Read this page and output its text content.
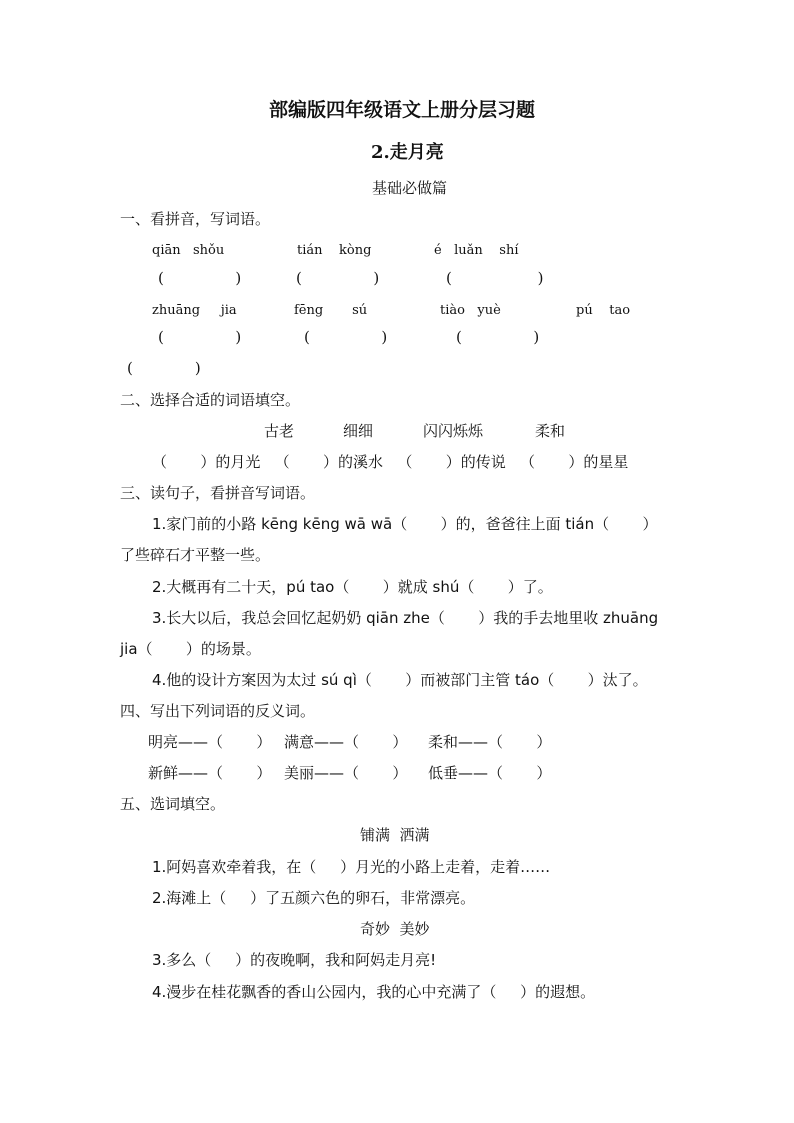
部编版四年级语文上册分层习题
2.走月亮
基础必做篇
一、看拼音，写词语。
qiān   shǒu	tián    kòng	é   luǎn    shí
(               )	(               )	(                  )
zhuāng     jia	fēng       sú	tiào   yuè	pú    tao
(               )	(               )	(               )
(             )
二、选择合适的词语填空。
古老	细细	闪闪烁烁	柔和
（       ）的月光   （       ）的溪水   （       ）的传说   （       ）的星星
三、读句子，看拼音写词语。
1.家门前的小路 kēng kēng wā wā（       ）的，爸爸往上面 tián（       ）
了些碎石才平整一些。
2.大概再有二十天，pú tao（       ）就成 shú（       ）了。
3.长大以后，我总会回忆起奶奶 qiān zhe（       ）我的手去地里收 zhuāng
jia（       ）的场景。
4.他的设计方案因为太过 sú qì（       ）而被部门主管 táo（       ）汰了。
四、写出下列词语的反义词。
明亮——（       ） 满意——（       ） 柔和——（       ）
新鲜——（       ） 美丽——（       ） 低垂——（       ）
五、选词填空。
铺满  洒满
1.阿妈喜欢牵着我，在（     ）月光的小路上走着，走着……
2.海滩上（     ）了五颜六色的卵石，非常漂亮。
奇妙  美妙
3.多么（     ）的夜晚啊，我和阿妈走月亮!
4.漫步在桂花飘香的香山公园内，我的心中充满了（     ）的遐想。
